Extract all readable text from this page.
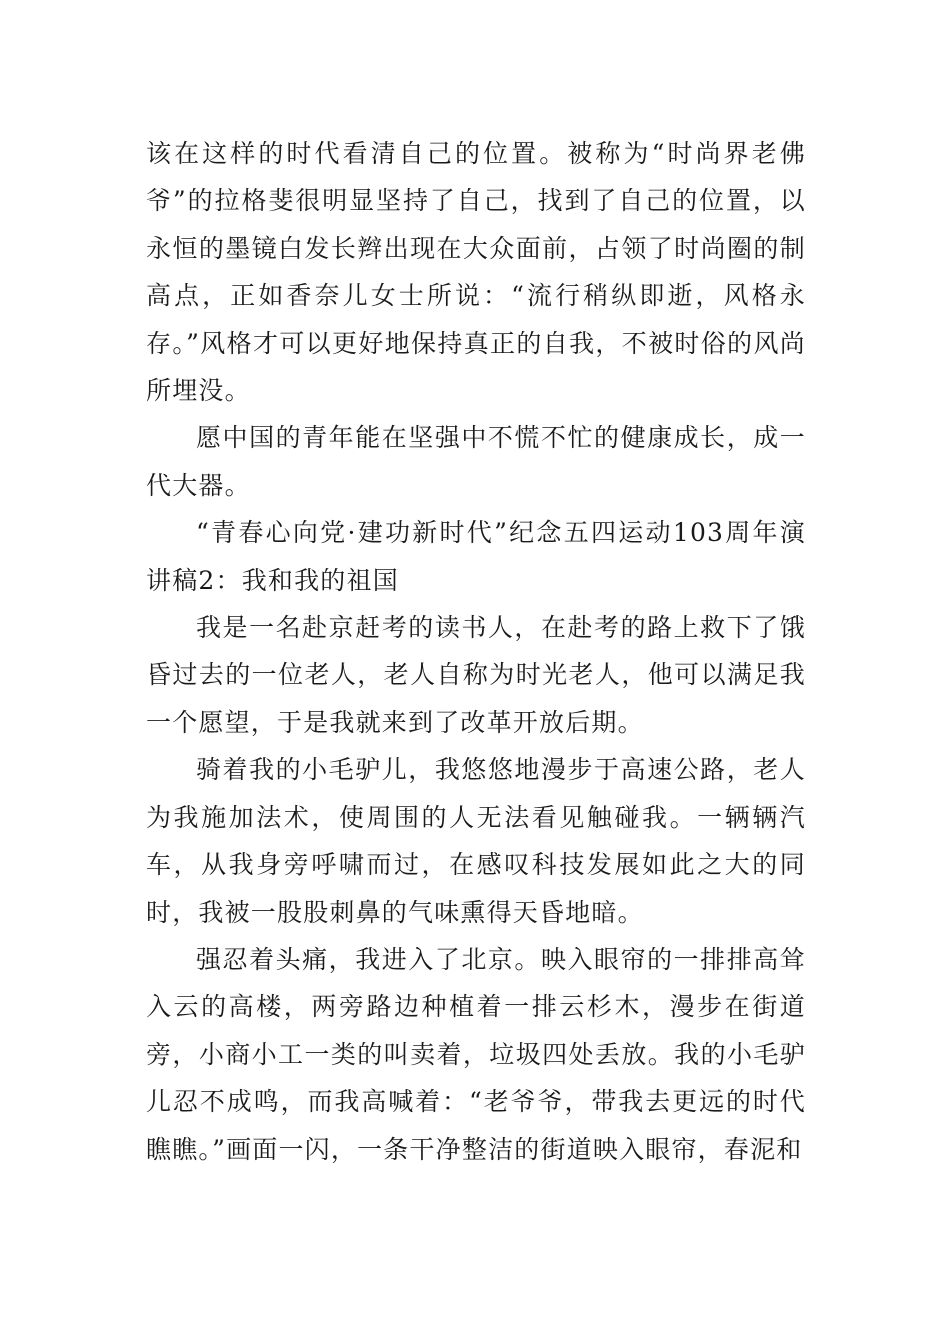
该在这样的时代看清自己的位置。被称为“时尚界老佛爷”的拉格斐很明显坚持了自己，找到了自己的位置，以永恒的墨镜白发长辫出现在大众面前，占领了时尚圈的制高点，正如香奈儿女士所说：“流行稍纵即逝，风格永存。”风格才可以更好地保持真正的自我，不被时俗的风尚所埋没。

愿中国的青年能在坚强中不慌不忙的健康成长，成一代大器。

“青春心向党·建功新时代”纪念五四运动103周年演讲稿2：我和我的祖国

我是一名赴京赶考的读书人，在赴考的路上救下了饿昏过去的一位老人，老人自称为时光老人，他可以满足我一个愿望，于是我就来到了改革开放后期。

骑着我的小毛驴儿，我悠悠地漫步于高速公路，老人为我施加法术，使周围的人无法看见触碰我。一辆辆汽车，从我身旁呼啸而过，在感叹科技发展如此之大的同时，我被一股股刺鼻的气味熏得天昏地暗。

强忍着头痛，我进入了北京。映入眼帘的一排排高耸入云的高楼，两旁路边种植着一排云杉木，漫步在街道旁，小商小工一类的叫卖着，垃圾四处丢放。我的小毛驴儿忍不成鸣，而我高喊着：“老爷爷，带我去更远的时代瞧瞧。”画面一闪，一条干净整洁的街道映入眼帘，春泥和
